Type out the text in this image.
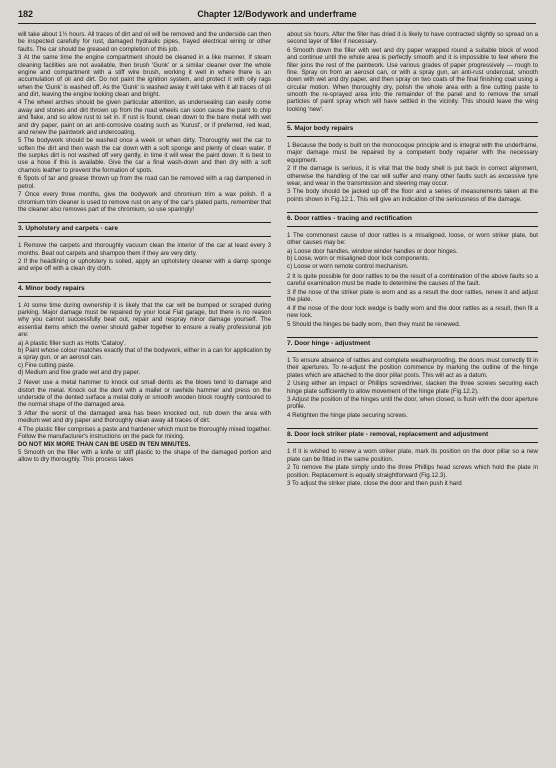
182	Chapter 12/Bodywork and underframe

will take about 1½ hours. All traces of dirt and oil will be removed and the underside can then be inspected carefully for rust, damaged hydraulic pipes, frayed electrical wiring or other faults. The car should be greased on completion of this job.

3 At the same time the engine compartment should be cleaned in a like manner. If steam cleaning facilities are not available, then brush 'Gunk' or a similar cleaner over the whole engine and compartment with a stiff wire brush, working it well in where there is an accumulation of oil and dirt. Do not paint the ignition system, and protect it with oily rags when the 'Gunk' is washed off. As the 'Gunk' is washed away it will take with it all traces of oil and dirt, leaving the engine looking clean and bright.

4 The wheel arches should be given particular attention, as undersealing can easily come away and stones and dirt thrown up from the road wheels can soon cause the paint to chip and flake, and so allow rust to set in. If rust is found, clean down to the bare metal with wet and dry paper, paint on an anti-corrosive coating such as 'Kurust', or if preferred, red lead, and renew the paintwork and undercoating.

5 The bodywork should be washed once a week or when dirty. Thoroughly wet the car to soften the dirt and then wash the car down with a soft sponge and plenty of clean water. If the surplus dirt is not washed off very gently, in time it will wear the paint down. It is best to use a hose if this is available. Give the car a final wash-down and then dry with a soft chamois leather to prevent the formation of spots.

6 Spots of tar and grease thrown up from the road can be removed with a rag dampened in petrol.

7 Once every three months, give the bodywork and chromium trim a wax polish. If a chromium trim cleaner is used to remove rust on any of the car's plated parts, remember that the cleaner also removes part of the chromium, so use sparingly!

3. Upholstery and carpets - care

1 Remove the carpets and thoroughly vacuum clean the interior of the car at least every 3 months. Beat out carpets and shampoo them if they are very dirty.

2 If the headlining or upholstery is soiled, apply an upholstery cleaner with a damp sponge and wipe off with a clean dry cloth.

4. Minor body repairs

1 At some time during ownership it is likely that the car will be bumped or scraped during parking. Major damage must be repaired by your local Fiat garage, but there is no reason why you cannot successfully beat out, repair and respray minor damage yourself. The essential items which the owner should gather together to ensure a really professional job are:

a) A plastic filler such as Holts 'Cataloy'.

b) Paint whose colour matches exactly that of the bodywork, either in a can for application by a spray gun, or an aerosol can.

c) Fine cutting paste.

d) Medium and fine grade wet and dry paper.

2 Never use a metal hammer to knock out small dents as the blows tend to damage and distort the metal. Knock out the dent with a mallet or rawhide hammer and press on the underside of the dented surface a metal dolly or smooth wooden block roughly contoured to the normal shape of the damaged area.

3 After the worst of the damaged area has been knocked out, rub down the area with medium wet and dry paper and thoroughly clean away all traces of dirt.

4 The plastic filler comprises a paste and hardener which must be thoroughly mixed together. Follow the manufacturer's instructions on the pack for mixing.

DO NOT MIX MORE THAN CAN BE USED IN TEN MINUTES.

5 Smooth on the filler with a knife or stiff plastic to the shape of the damaged portion and allow to dry thoroughly. This process takes

about six hours. After the filler has dried it is likely to have contracted slightly so spread on a second layer of filler if necessary.

6 Smooth down the filler with wet and dry paper wrapped round a suitable block of wood and continue until the whole area is perfectly smooth and it is impossible to feel where the filler joins the rest of the paintwork. Use various grades of paper progressively — rough to fine. Spray on from an aerosol can, or with a spray gun, an anti-rust undercoat, smooth down with wet and dry paper, and then spray on two coats of the final finishing coat using a circular motion. When thoroughly dry, polish the whole area with a fine cutting paste to smooth the re-sprayed area into the remainder of the panel and to remove the small particles of paint spray which will have settled in the vicinity. This should leave the wing looking 'new'.

5. Major body repairs

1 Because the body is built on the monocoque principle and is integral with the underframe, major damage must be repaired by a competent body repairer with the necessary equipment.

2 If the damage is serious, it is vital that the body shell is put back in correct alignment, otherwise the handling of the car will suffer and many other faults such as excessive tyre wear, and wear in the transmission and steering may occur.

3 The body should be jacked up off the floor and a series of measurements taken at the points shown in Fig.12.1. This will give an indication of the seriousness of the damage.

6. Door rattles - tracing and rectification

1 The commonest cause of door rattles is a misaligned, loose, or worn striker plate, but other causes may be:

a) Loose door handles, window winder handles or door hinges.

b) Loose, worn or misaligned door lock components.

c) Loose or worn remote control mechanism.

2 It is quite possible for door rattles to be the result of a combination of the above faults so a careful examination must be made to determine the causes of the fault.

3 If the nose of the striker plate is worn and as a result the door rattles, renew it and adjust the plate.

4 If the nose of the door lock wedge is badly worn and the door rattles as a result, then fit a new lock.

5 Should the hinges be badly worn, then they must be renewed.

7. Door hinge - adjustment

1 To ensure absence of rattles and complete weatherproofing, the doors must correctly fit in their apertures. To re-adjust the position commence by marking the outline of the hinge plates which are attached to the door pillar posts. This will act as a datum.

2 Using either an impact or Phillips screwdriver, slacken the three screws securing each hinge plate sufficiently to allow movement of the hinge plate (Fig.12.2).

3 Adjust the position of the hinges until the door, when closed, is flush with the door aperture profile.

4 Retighten the hinge plate securing screws.

8. Door lock striker plate - removal, replacement and adjustment

1 If it is wished to renew a worn striker plate, mark its position on the door pillar so a new plate can be fitted in the same position.

2 To remove the plate simply undo the three Phillips head screws which hold the plate in position. Replacement is equally straightforward (Fig.12.3).

3 To adjust the striker plate, close the door and then push it hard
